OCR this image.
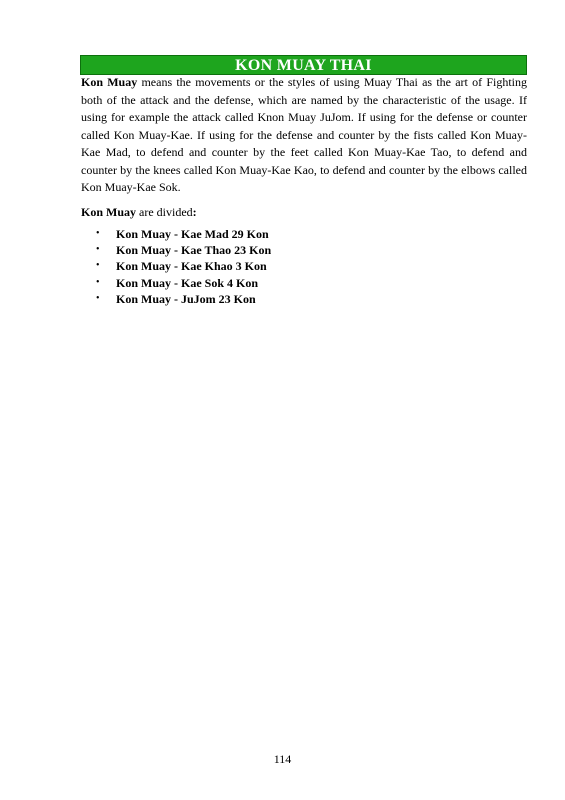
KON MUAY THAI

Kon Muay means the movements or the styles of using Muay Thai as the art of Fighting both of the attack and the defense, which are named by the characteristic of the usage. If using for example the attack called Knon Muay JuJom. If using for the defense or counter called Kon Muay-Kae. If using for the defense and counter by the fists called Kon Muay-Kae Mad, to defend and counter by the feet called Kon Muay-Kae Tao, to defend and counter by the knees called Kon Muay-Kae Kao, to defend and counter by the elbows called Kon Muay-Kae Sok.

Kon Muay are divided:
• Kon Muay - Kae Mad 29 Kon
• Kon Muay - Kae Thao 23 Kon
• Kon Muay - Kae Khao 3 Kon
• Kon Muay - Kae Sok 4 Kon
• Kon Muay - JuJom 23 Kon
114
